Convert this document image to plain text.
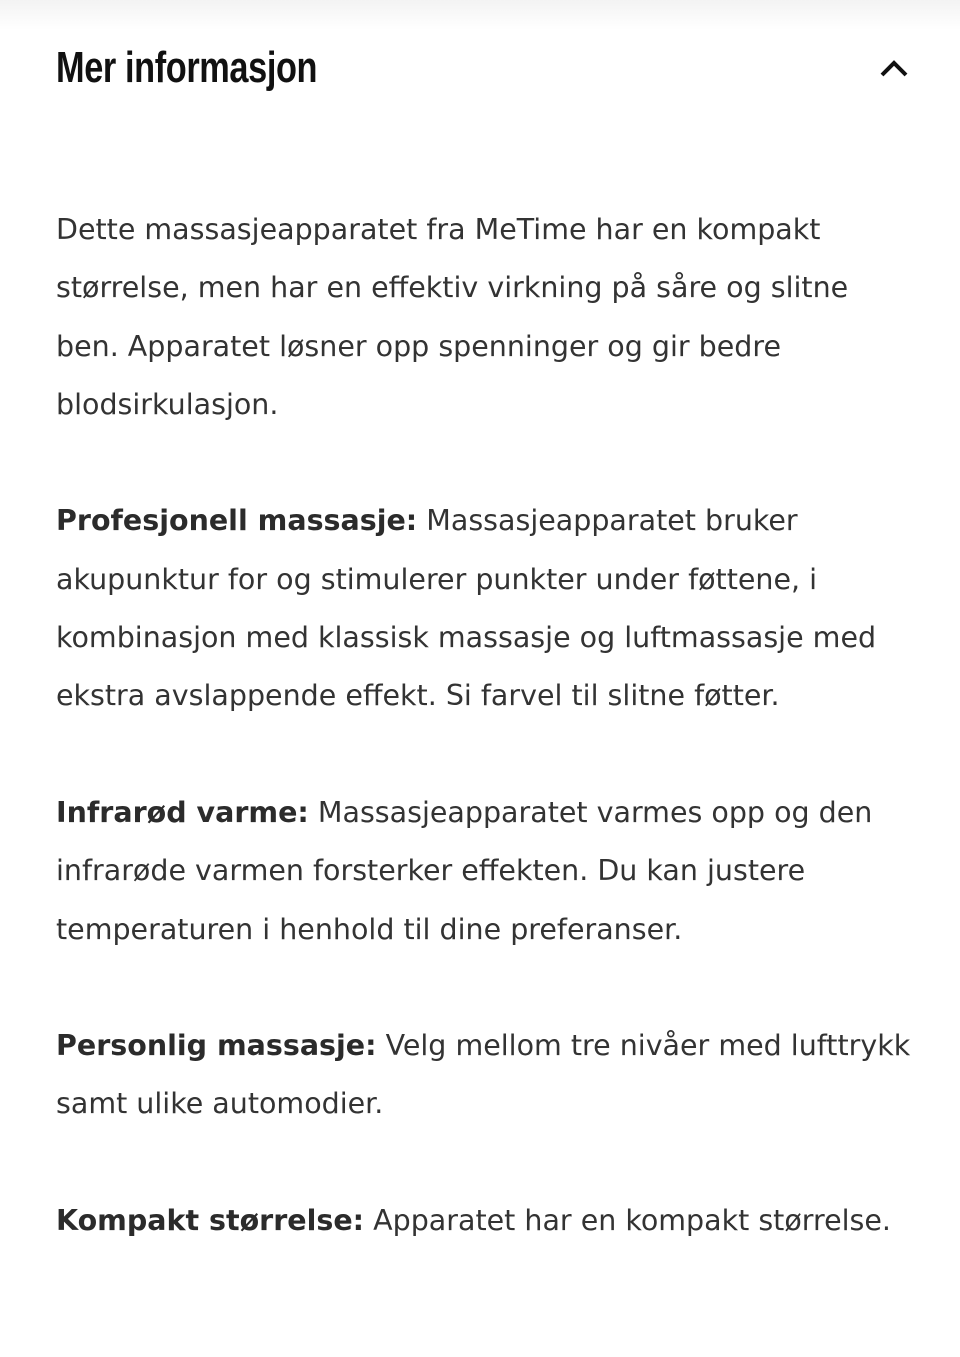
Mer informasjon

Dette massasjeapparatet fra MeTime har en kompakt størrelse, men har en effektiv virkning på såre og slitne ben. Apparatet løsner opp spenninger og gir bedre blodsirkulasjon.

Profesjonell massasje: Massasjeapparatet bruker akupunktur for og stimulerer punkter under føttene, i kombinasjon med klassisk massasje og luftmassasje med ekstra avslappende effekt. Si farvel til slitne føtter.

Infrarød varme: Massasjeapparatet varmes opp og den infrarøde varmen forsterker effekten. Du kan justere temperaturen i henhold til dine preferanser.

Personlig massasje: Velg mellom tre nivåer med lufttrykk samt ulike automodier.

Kompakt størrelse: Apparatet har en kompakt størrelse.
